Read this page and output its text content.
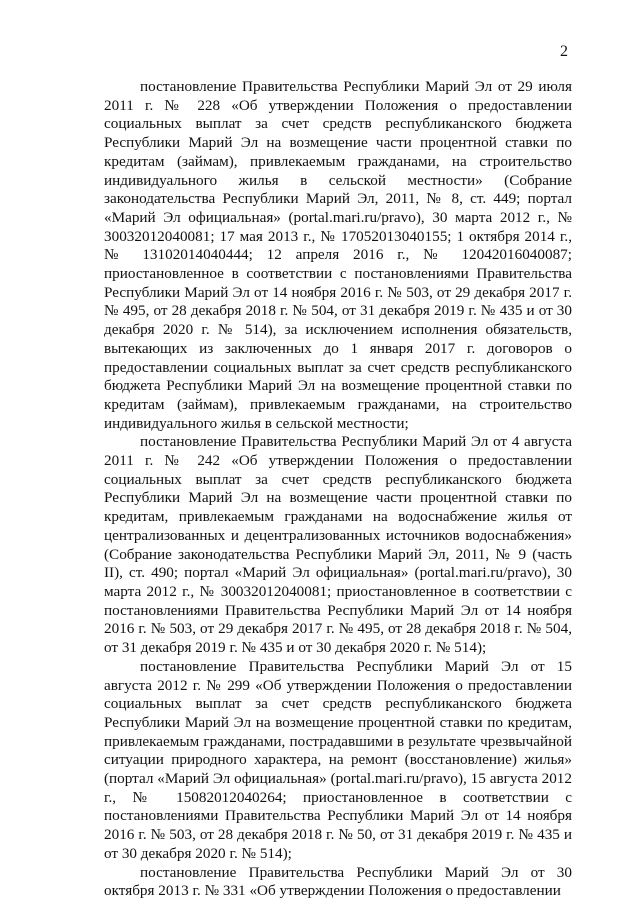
2

постановление Правительства Республики Марий Эл от 29 июля 2011 г. № 228 «Об утверждении Положения о предоставлении социальных выплат за счет средств республиканского бюджета Республики Марий Эл на возмещение части процентной ставки по кредитам (займам), привлекаемым гражданами, на строительство индивидуального жилья в сельской местности» (Собрание законодательства Республики Марий Эл, 2011, № 8, ст. 449; портал «Марий Эл официальная» (portal.mari.ru/pravo), 30 марта 2012 г., № 30032012040081; 17 мая 2013 г., № 17052013040155; 1 октября 2014 г., № 13102014040444; 12 апреля 2016 г., № 12042016040087; приостановленное в соответствии с постановлениями Правительства Республики Марий Эл от 14 ноября 2016 г. № 503, от 29 декабря 2017 г. № 495, от 28 декабря 2018 г. № 504, от 31 декабря 2019 г. № 435 и от 30 декабря 2020 г. № 514), за исключением исполнения обязательств, вытекающих из заключенных до 1 января 2017 г. договоров о предоставлении социальных выплат за счет средств республиканского бюджета Республики Марий Эл на возмещение процентной ставки по кредитам (займам), привлекаемым гражданами, на строительство индивидуального жилья в сельской местности;

постановление Правительства Республики Марий Эл от 4 августа 2011 г. № 242 «Об утверждении Положения о предоставлении социальных выплат за счет средств республиканского бюджета Республики Марий Эл на возмещение части процентной ставки по кредитам, привлекаемым гражданами на водоснабжение жилья от централизованных и децентрализованных источников водоснабжения» (Собрание законодательства Республики Марий Эл, 2011, № 9 (часть II), ст. 490; портал «Марий Эл официальная» (portal.mari.ru/pravo), 30 марта 2012 г., № 30032012040081; приостановленное в соответствии с постановлениями Правительства Республики Марий Эл от 14 ноября 2016 г. № 503, от 29 декабря 2017 г. № 495, от 28 декабря 2018 г. № 504, от 31 декабря 2019 г. № 435 и от 30 декабря 2020 г. № 514);

постановление Правительства Республики Марий Эл от 15 августа 2012 г. № 299 «Об утверждении Положения о предоставлении социальных выплат за счет средств республиканского бюджета Республики Марий Эл на возмещение процентной ставки по кредитам, привлекаемым гражданами, пострадавшими в результате чрезвычайной ситуации природного характера, на ремонт (восстановление) жилья» (портал «Марий Эл официальная» (portal.mari.ru/pravo), 15 августа 2012 г., № 15082012040264; приостановленное в соответствии с постановлениями Правительства Республики Марий Эл от 14 ноября 2016 г. № 503, от 28 декабря 2018 г. № 50, от 31 декабря 2019 г. № 435 и от 30 декабря 2020 г. № 514);

постановление Правительства Республики Марий Эл от 30 октября 2013 г. № 331 «Об утверждении Положения о предоставлении
